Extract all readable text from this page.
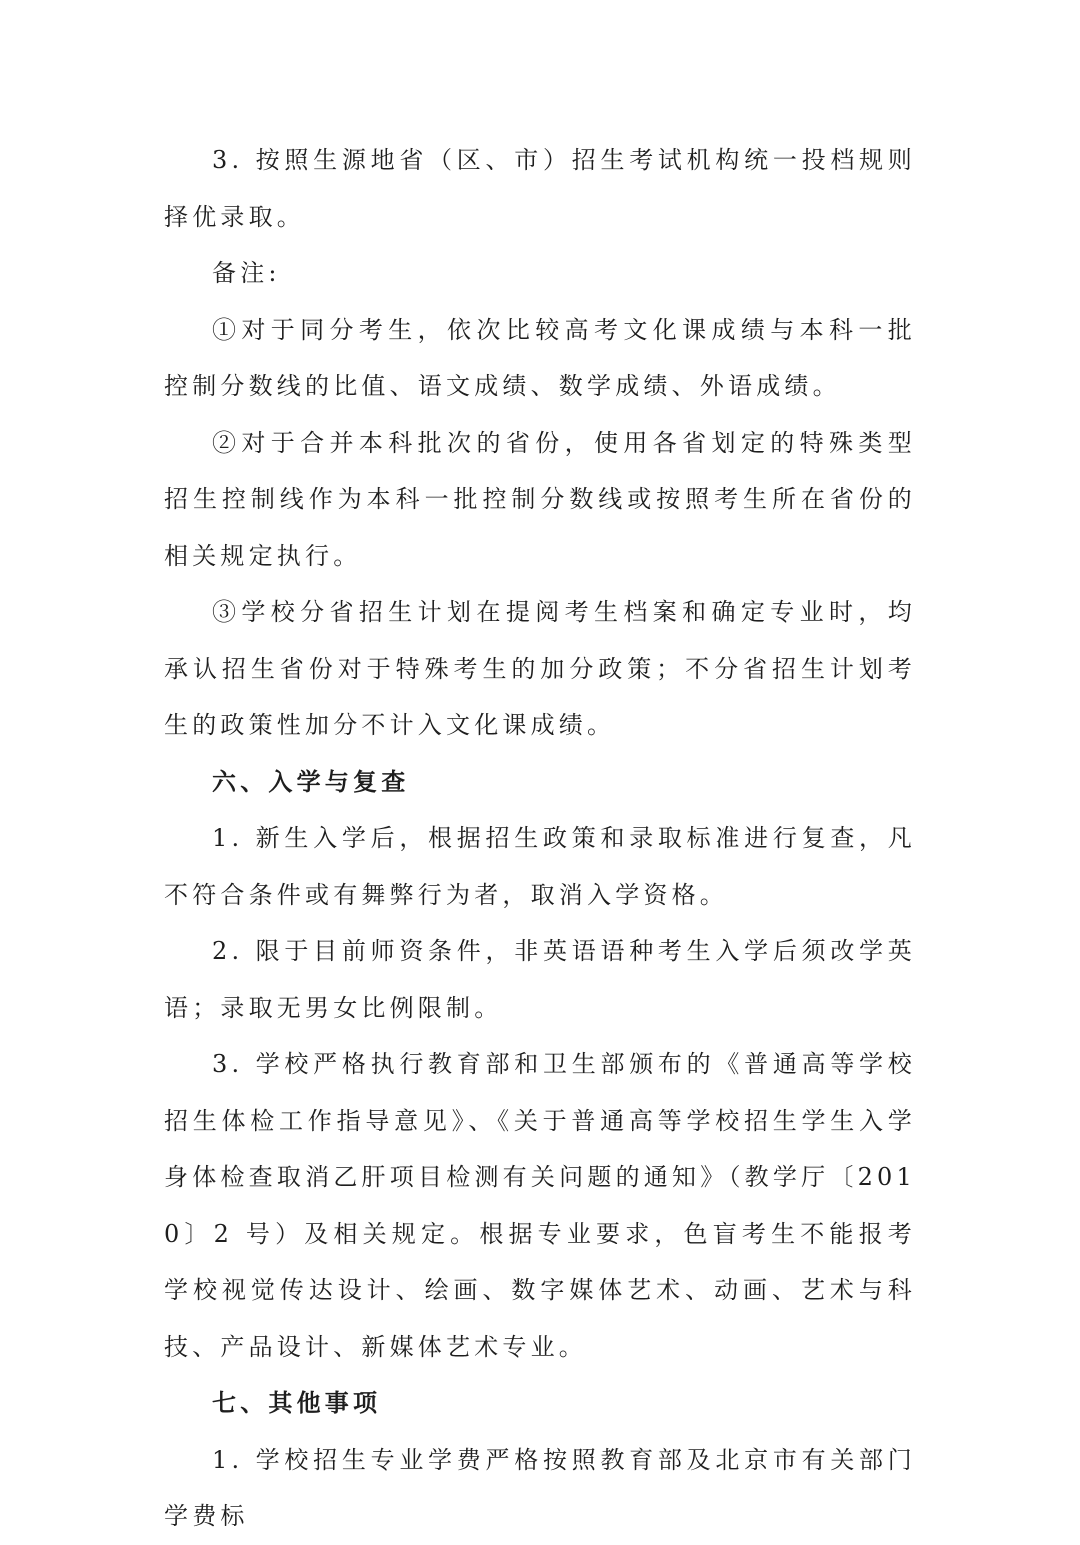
3. 按照生源地省（区、市）招生考试机构统一投档规则择优录取。

备注:

①对于同分考生，依次比较高考文化课成绩与本科一批控制分数线的比值、语文成绩、数学成绩、外语成绩。

②对于合并本科批次的省份，使用各省划定的特殊类型招生控制线作为本科一批控制分数线或按照考生所在省份的相关规定执行。

③学校分省招生计划在提阅考生档案和确定专业时，均承认招生省份对于特殊考生的加分政策；不分省招生计划考生的政策性加分不计入文化课成绩。

六、入学与复查

1. 新生入学后，根据招生政策和录取标准进行复查，凡不符合条件或有舞弊行为者，取消入学资格。

2. 限于目前师资条件，非英语语种考生入学后须改学英语；录取无男女比例限制。

3. 学校严格执行教育部和卫生部颁布的《普通高等学校招生体检工作指导意见》、《关于普通高等学校招生学生入学身体检查取消乙肝项目检测有关问题的通知》（教学厅〔2010〕2 号）及相关规定。根据专业要求，色盲考生不能报考学校视觉传达设计、绘画、数字媒体艺术、动画、艺术与科技、产品设计、新媒体艺术专业。

七、其他事项

1. 学校招生专业学费严格按照教育部及北京市有关部门学费标
